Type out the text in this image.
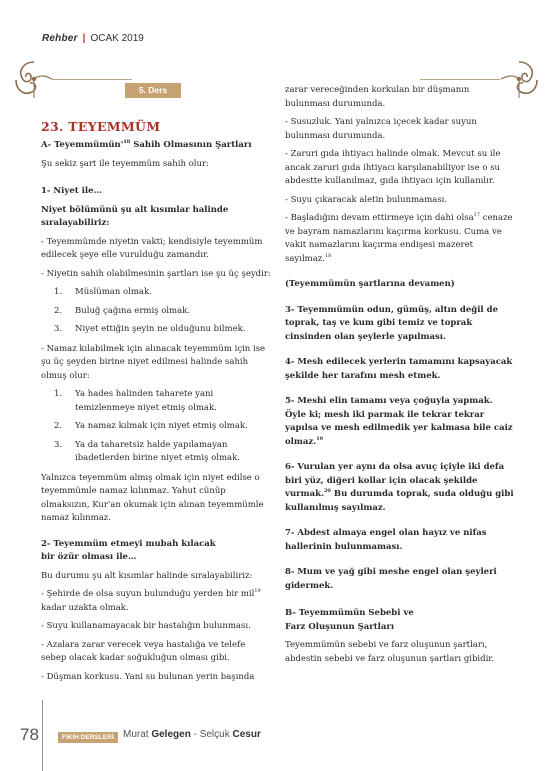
Rehber | OCAK 2019
5. Ders
23. TEYEMMÜM

A- $Teyemmümün'^{18}$ Sahih Olmasının Şartları

Şu sekiz şart ile teyemmüm sahih olur:

1- Niyet ile…

Niyet bölümünü şu alt kısımlar halinde sıralayabiliriz:

- Teyemmümde niyetin vakti; kendisiyle teyemmüm edilecek şeye elle vurulduğu zamandır.

- Niyetin sahih olabilmesinin şartları ise şu üç şeydir:

1.	Müslüman olmak.
2.	Buluğ çağına ermiş olmak.
3.	Niyet ettiğin şeyin ne olduğunu bilmek.

- Namaz kılabilmek için alınacak teyemmüm için ise şu üç şeyden birine niyet edilmesi halinde sahih olmuş olur:

1.	Ya hades halinden taharete yani temizlenmeye niyet etmiş olmak.
2.	Ya namaz kılmak için niyet etmiş olmak.
3.	Ya da taharetsiz halde yapılamayan ibadetlerden birine niyet etmiş olmak.

Yalnızca teyemmüm almış olmak için niyet edilse o teyemmümle namaz kılınmaz. Yahut cünüp olmaksızın, Kur'an okumak için alınan teyemmümle namaz kılınmaz.

2- Teyemmüm etmeyi mubah kılacak
bir özür olması ile…

Bu durumu şu alt kısımlar halinde sıralayabiliriz:

- Şehirde de olsa suyun bulunduğu yerden bir mil$^{19}$ kadar uzakta olmak.

- Suyu kullanamayacak bir hastalığın bulunması.

- Azalara zarar verecek veya hastalığa ve telefe sebep olacak kadar soğukluğun olması gibi.

- Düşman korkusu. Yani su bulunan yerin başında

zarar vereceğinden korkulan bir düşmanın bulunması durumunda.

- Susuzluk. Yani yalnızca içecek kadar suyun bulunması durumunda.

- Zaruri gıda ihtiyacı halinde olmak. Mevcut su ile ancak zaruri gıda ihtiyacı karşılanabiliyor ise o su abdestte kullanılmaz, gıda ihtiyacı için kullanılır.

- Suyu çıkaracak aletin bulunmaması.

- Başladığını devam ettirmeye için dahi olsa$^{17}$ cenaze ve bayram namazlarını kaçırma korkusu. Cuma ve vakit namazlarını kaçırma endişesi mazeret sayılmaz.$^{18}$

(Teyemmümün şartlarına devamen)

3- Teyemmümün odun, gümüş, altın değil de toprak, taş ve kum gibi temiz ve toprak cinsinden olan şeylerle yapılması.

4- Mesh edilecek yerlerin tamamını kapsayacak şekilde her tarafını mesh etmek.

5- Meshi elin tamamı veya çoğuyla yapmak. Öyle ki; mesh iki parmak ile tekrar tekrar yapılsa ve mesh edilmedik yer kalmasa bile caiz olmaz.$^{19}$

6- Vurulan yer aynı da olsa avuç içiyle iki defa biri yüz, diğeri kollar için olacak şekilde vurmak.$^{20}$ Bu durumda toprak, suda olduğu gibi kullanılmış sayılmaz.

7- Abdest almaya engel olan hayız ve nifas hallerinin bulunmaması.

8- Mum ve yağ gibi meshe engel olan şeyleri gidermek.

B- Teyemmümün Sebebi ve
Farz Oluşunun Şartları

Teyemmümün sebebi ve farz oluşunun şartları, abdestin sebebi ve farz oluşunun şartları gibidir.

78	FIKIH DERSLERİ Murat Gelegen - Selçuk Cesur
